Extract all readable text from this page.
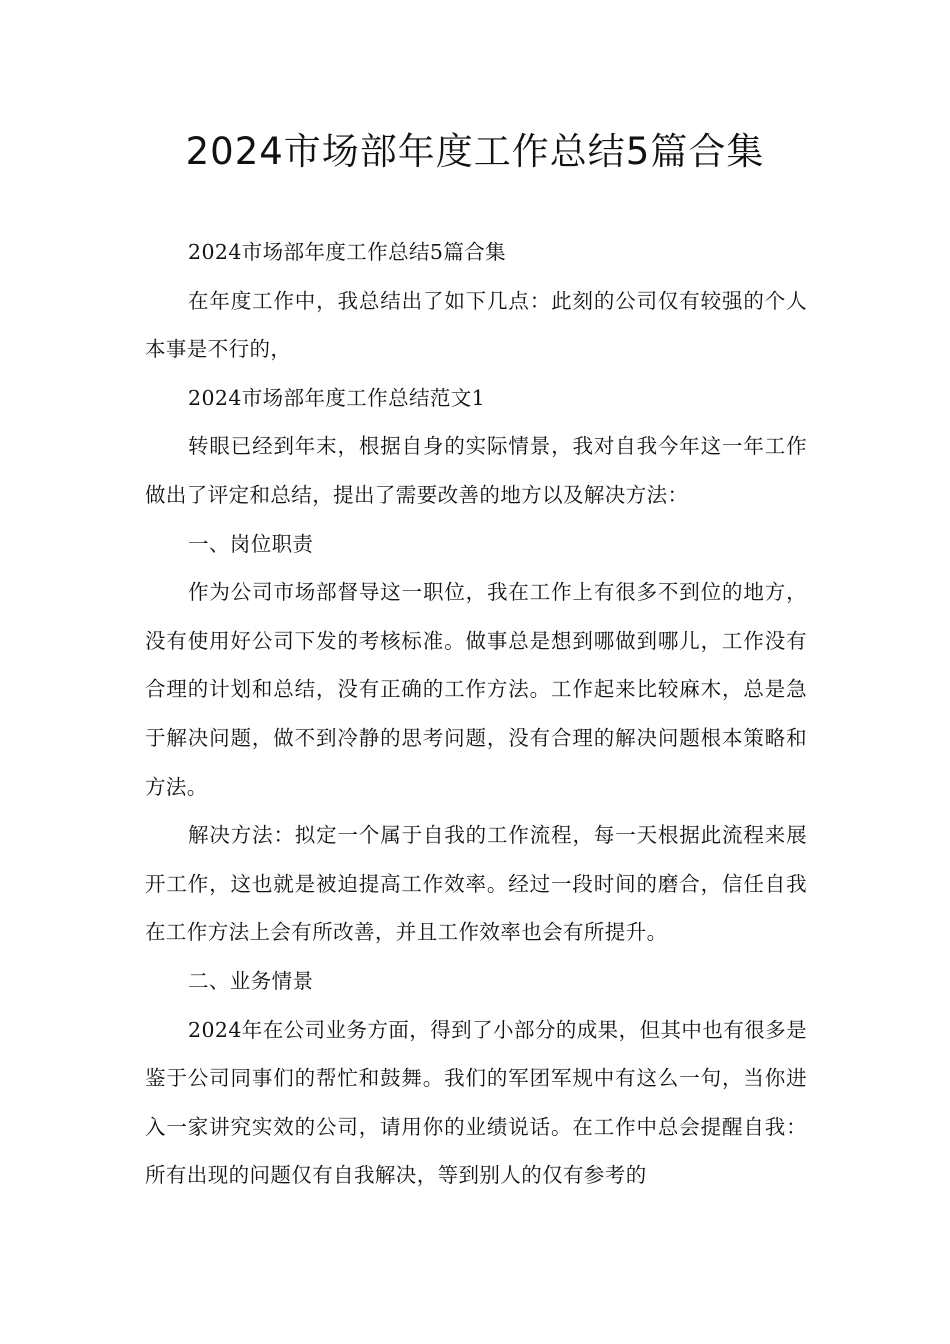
2024市场部年度工作总结5篇合集

2024市场部年度工作总结5篇合集

在年度工作中，我总结出了如下几点：此刻的公司仅有较强的个人本事是不行的，

2024市场部年度工作总结范文1

转眼已经到年末，根据自身的实际情景，我对自我今年这一年工作做出了评定和总结，提出了需要改善的地方以及解决方法：

一、岗位职责

作为公司市场部督导这一职位，我在工作上有很多不到位的地方，没有使用好公司下发的考核标准。做事总是想到哪做到哪儿，工作没有合理的计划和总结，没有正确的工作方法。工作起来比较麻木，总是急于解决问题，做不到冷静的思考问题，没有合理的解决问题根本策略和方法。

解决方法：拟定一个属于自我的工作流程，每一天根据此流程来展开工作，这也就是被迫提高工作效率。经过一段时间的磨合，信任自我在工作方法上会有所改善，并且工作效率也会有所提升。

二、业务情景

2024年在公司业务方面，得到了小部分的成果，但其中也有很多是鉴于公司同事们的帮忙和鼓舞。我们的军团军规中有这么一句，当你进入一家讲究实效的公司，请用你的业绩说话。在工作中总会提醒自我：所有出现的问题仅有自我解决，等到别人的仅有参考的
